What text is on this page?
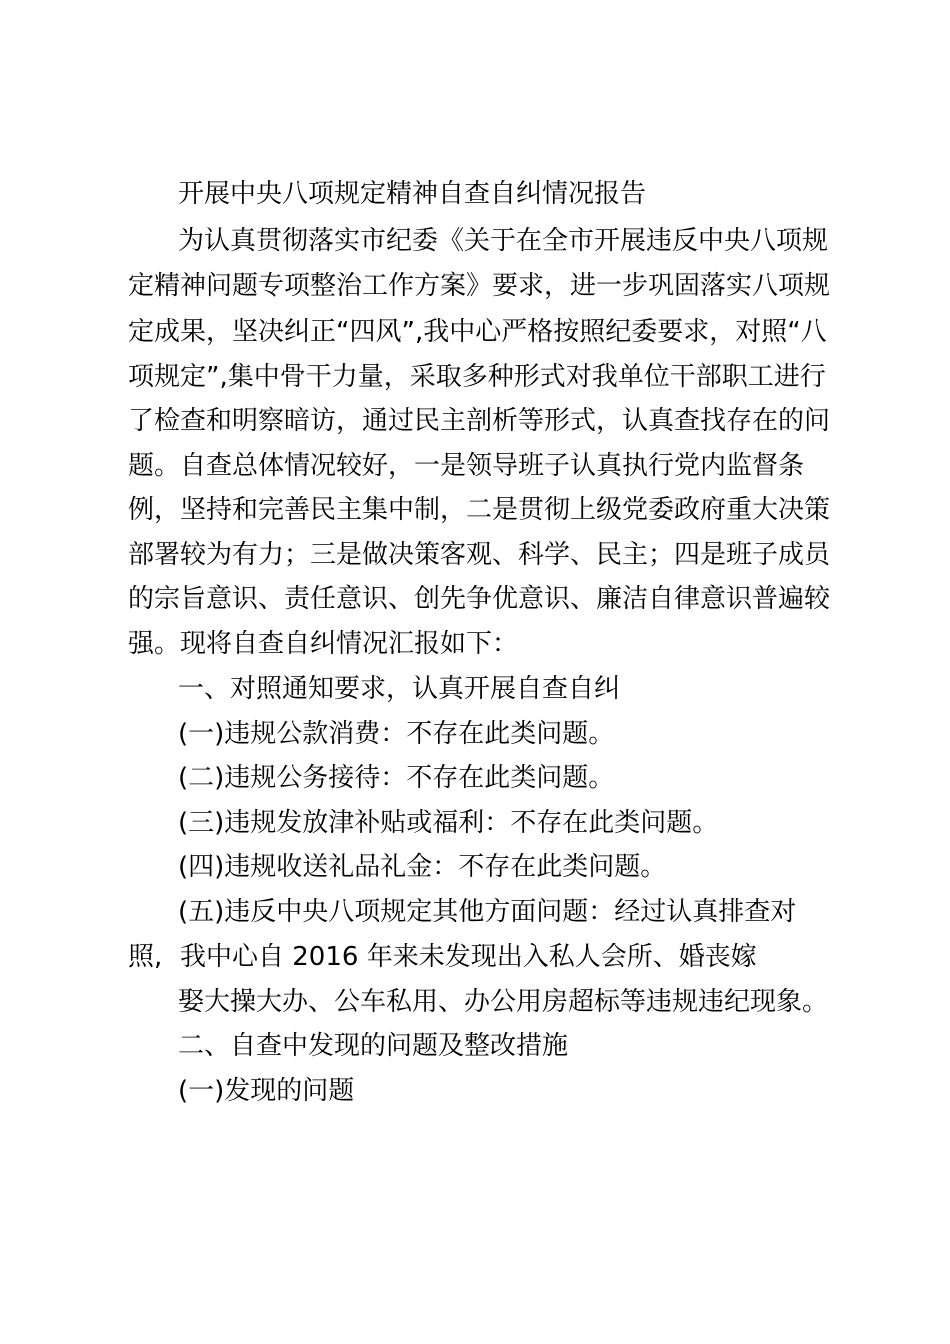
开展中央八项规定精神自查自纠情况报告
为认真贯彻落实市纪委《关于在全市开展违反中央八项规
定精神问题专项整治工作方案》要求，进一步巩固落实八项规
定成果，坚决纠正“四风”,我中心严格按照纪委要求，对照“八
项规定”,集中骨干力量，采取多种形式对我单位干部职工进行
了检查和明察暗访，通过民主剖析等形式，认真查找存在的问
题。自查总体情况较好，一是领导班子认真执行党内监督条
例，坚持和完善民主集中制，二是贯彻上级党委政府重大决策
部署较为有力；三是做决策客观、科学、民主；四是班子成员
的宗旨意识、责任意识、创先争优意识、廉洁自律意识普遍较
强。现将自查自纠情况汇报如下：
一、对照通知要求，认真开展自查自纠
(一)违规公款消费：不存在此类问题。
(二)违规公务接待：不存在此类问题。
(三)违规发放津补贴或福利：不存在此类问题。
(四)违规收送礼品礼金：不存在此类问题。
(五)违反中央八项规定其他方面问题：经过认真排查对
照, 我中心自 2016 年来未发现出入私人会所、婚丧嫁
娶大操大办、公车私用、办公用房超标等违规违纪现象。
二、自查中发现的问题及整改措施
(一)发现的问题
